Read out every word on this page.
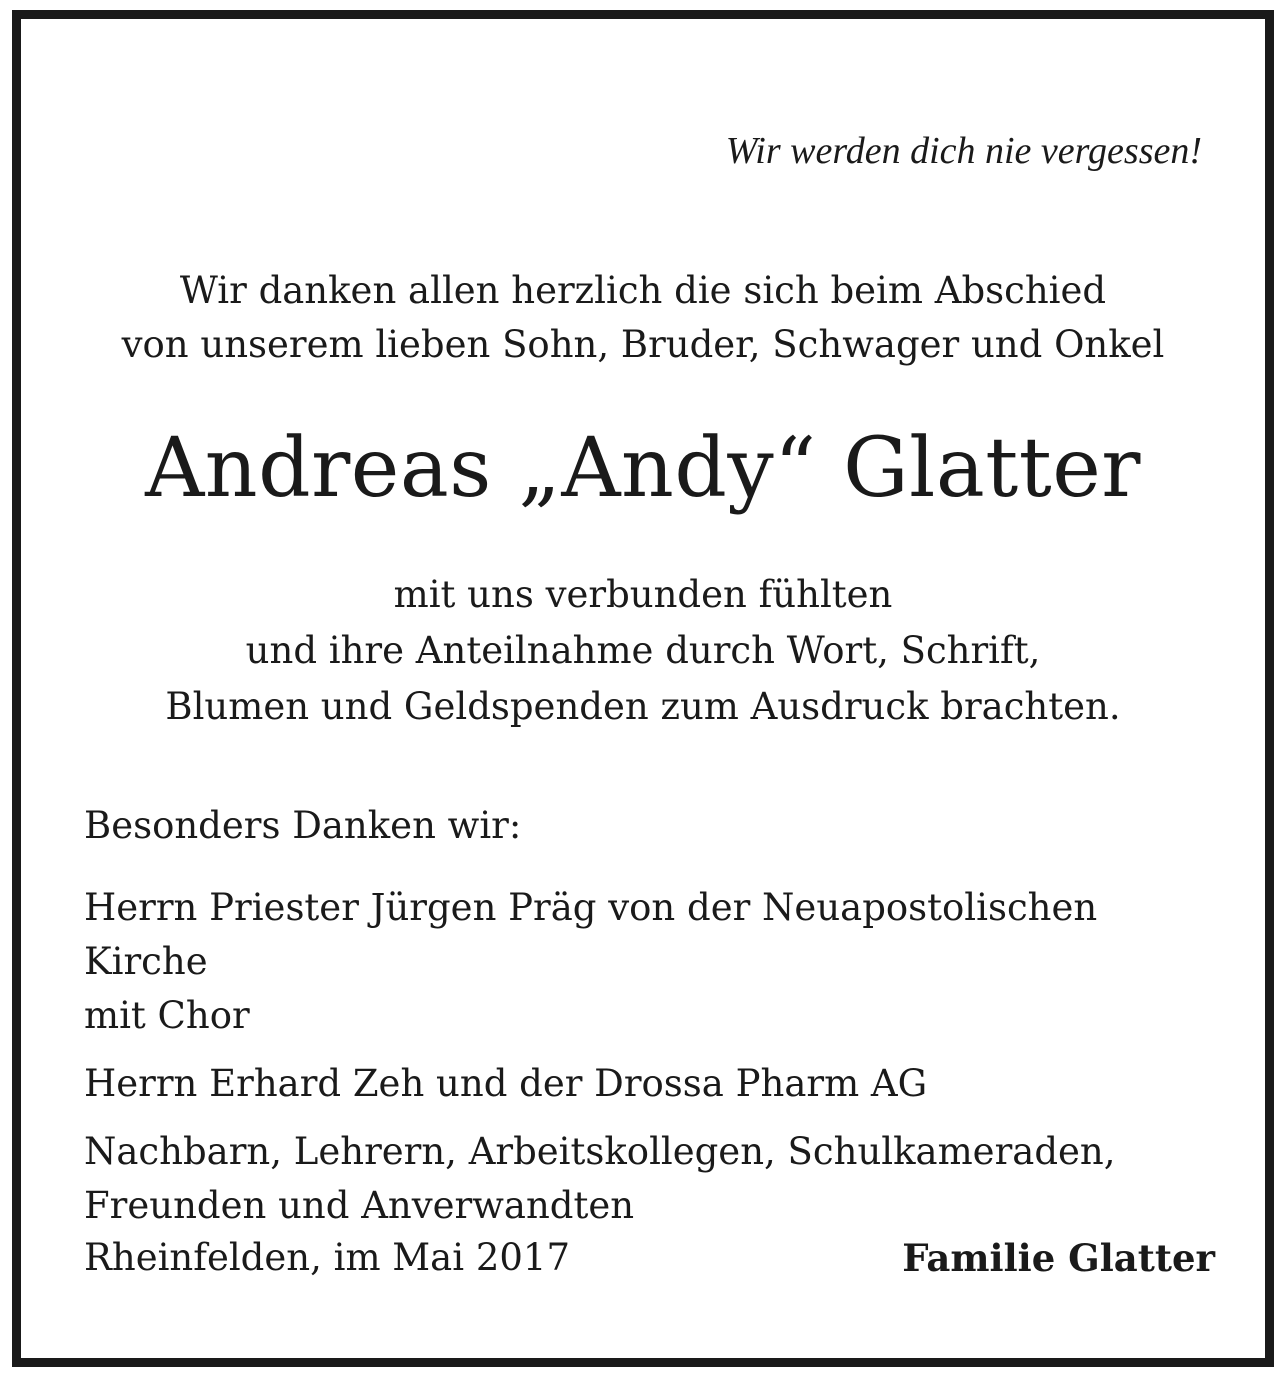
Wir werden dich nie vergessen!
Wir danken allen herzlich die sich beim Abschied
von unserem lieben Sohn, Bruder, Schwager und Onkel
Andreas „Andy“ Glatter
mit uns verbunden fühlten
und ihre Anteilnahme durch Wort, Schrift,
Blumen und Geldspenden zum Ausdruck brachten.
Besonders Danken wir:
Herrn Priester Jürgen Präg von der Neuapostolischen Kirche
mit Chor
Herrn Erhard Zeh und der Drossa Pharm AG
Nachbarn, Lehrern, Arbeitskollegen, Schulkameraden,
Freunden und Anverwandten
Rheinfelden, im Mai 2017	Familie Glatter
